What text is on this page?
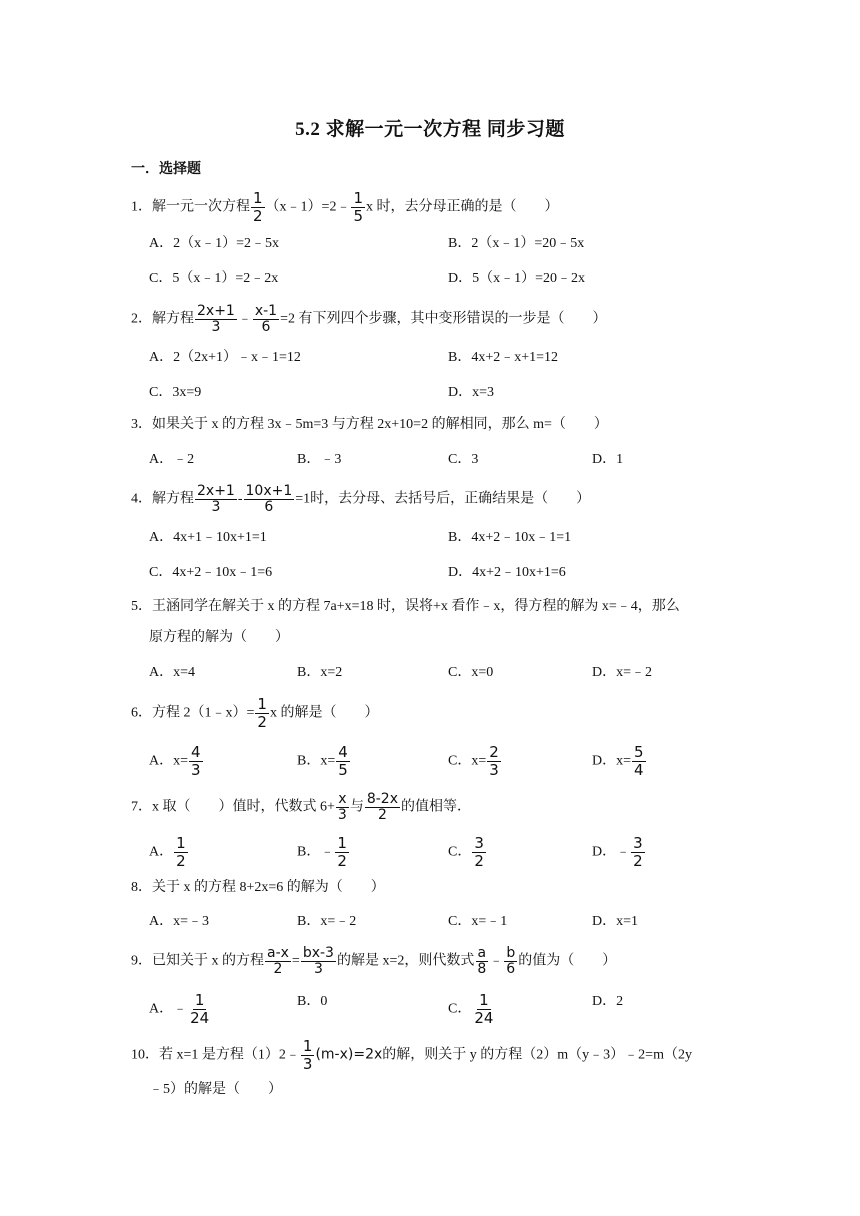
5.2 求解一元一次方程 同步习题
一．选择题
1．解一元一次方程 $\frac{1}{2}$ （x﹣1）=2﹣ $\frac{1}{5}$ x 时，去分母正确的是（　　）
A．2（x﹣1）=2﹣5x	B．2（x﹣1）=20﹣5x
C．5（x﹣1）=2﹣2x	D．5（x﹣1）=20﹣2x
2．解方程 $\frac{2x+1}{3}$ ﹣ $\frac{x-1}{6} =2$ 有下列四个步骤，其中变形错误的一步是（　　）
A．2（2x+1）﹣x﹣1=12	B．4x+2﹣x+1=12
C．3x=9	D．x=3
3．如果关于 x 的方程 3x﹣5m=3 与方程 2x+10=2 的解相同，那么 m=（　　）
A．﹣2	B．﹣3	C．3	D．1
4．解方程 $\frac{2x+1}{3} - \frac{10x+1}{6} =1$时，去分母、去括号后，正确结果是（　　）
A．4x+1﹣10x+1=1	B．4x+2﹣10x﹣1=1
C．4x+2﹣10x﹣1=6	D．4x+2﹣10x+1=6
5．王涵同学在解关于 x 的方程 7a+x=18 时，误将+x 看作﹣x，得方程的解为 x=﹣4，那么
原方程的解为（　　）
A．x=4	B．x=2	C．x=0	D．x=﹣2
6．方程 2（1﹣x）= $\frac{1}{2}$ x 的解是（　　）
A．$x= \frac{4}{3}$	B．$x= \frac{4}{5}$	C．$x= \frac{2}{3}$	D．$x= \frac{5}{4}$
7．x 取（　　）值时，代数式 $6+ \frac{x}{3}$ 与 $\frac{8-2x}{2}$ 的值相等．
A． $\frac{1}{2}$	B．﹣ $\frac{1}{2}$	C． $\frac{3}{2}$	D．﹣ $\frac{3}{2}$
8．关于 x 的方程 8+2x=6 的解为（　　）
A．x=﹣3	B．x=﹣2	C．x=﹣1	D．x=1
9．已知关于 x 的方程 $\frac{a-x}{2} = \frac{bx-3}{3}$ 的解是 x=2，则代数式 $\frac{a}{8}$ ﹣ $\frac{b}{6}$ 的值为（　　）
A．﹣ $\frac{1}{24}$	B．0
C． $\frac{1}{24}$	D．2
10．若 x=1 是方程（1）2﹣ $\frac{1}{3} (m-x)=2x$的解，则关于 y 的方程（2）m（y﹣3）﹣2=m（2y
﹣5）的解是（　　）
